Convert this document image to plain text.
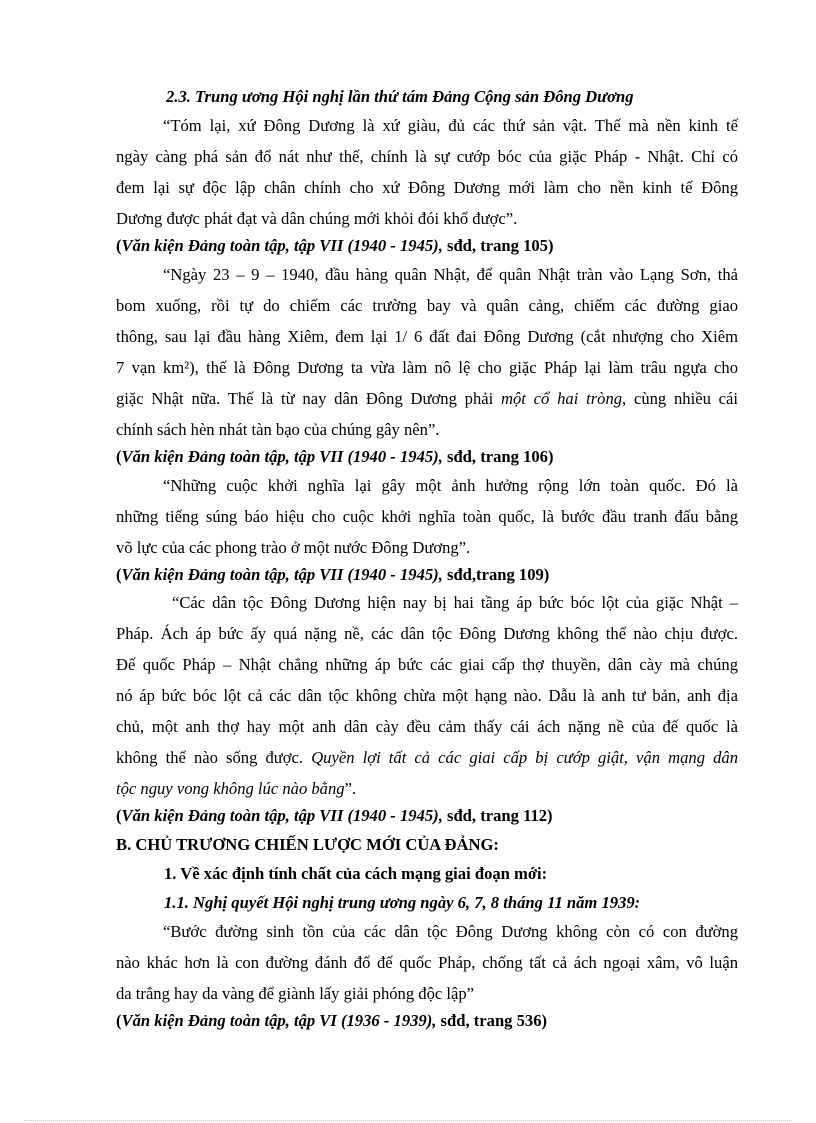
2.3. Trung ương Hội nghị lần thứ tám Đảng Cộng sản Đông Dương
“Tóm lại, xứ Đông Dương là xứ giàu, đủ các thứ sản vật. Thế mà nền kinh tế
ngày càng phá sản đổ nát như thế, chính là sự cướp bóc của giặc Pháp - Nhật. Chỉ có
đem lại sự độc lập chân chính cho xứ Đông Dương mới làm cho nền kinh tế Đông
Dương được phát đạt và dân chúng mới khỏi đói khổ được”.
(Văn kiện Đảng toàn tập, tập VII (1940 - 1945), sđd, trang 105)
“Ngày 23 – 9 – 1940, đầu hàng quân Nhật, để quân Nhật tràn vào Lạng Sơn, thả
bom xuống, rồi tự do chiếm các trường bay và quân cảng, chiếm các đường giao
thông, sau lại đầu hàng Xiêm, đem lại 1/ 6 đất đai Đông Dương (cắt nhượng cho Xiêm
7 vạn km²), thế là Đông Dương ta vừa làm nô lệ cho giặc Pháp lại làm trâu ngựa cho
giặc Nhật nữa. Thế là từ nay dân Đông Dương phải một cổ hai tròng, cùng nhiều cái
chính sách hèn nhát tàn bạo của chúng gây nên”.
(Văn kiện Đảng toàn tập, tập VII (1940 - 1945), sđd, trang 106)
“Những cuộc khởi nghĩa lại gây một ảnh hưởng rộng lớn toàn quốc. Đó là
những tiếng súng báo hiệu cho cuộc khởi nghĩa toàn quốc, là bước đầu tranh đấu bằng
võ lực của các phong trào ở một nước Đông Dương”.
(Văn kiện Đảng toàn tập, tập VII (1940 - 1945), sđd,trang 109)
“Các dân tộc Đông Dương hiện nay bị hai tầng áp bức bóc lột của giặc Nhật –
Pháp. Ách áp bức ấy quá nặng nề, các dân tộc Đông Dương không thể nào chịu được.
Đế quốc Pháp – Nhật chẳng những áp bức các giai cấp thợ thuyền, dân cày mà chúng
nó áp bức bóc lột cả các dân tộc không chừa một hạng nào. Dẫu là anh tư bản, anh địa
chủ, một anh thợ hay một anh dân cày đều cảm thấy cái ách nặng nề của đế quốc là
không thể nào sống được. Quyền lợi tất cả các giai cấp bị cướp giật, vận mạng dân
tộc nguy vong không lúc nào bằng”.
(Văn kiện Đảng toàn tập, tập VII (1940 - 1945), sđd, trang 112)
B. CHỦ TRƯƠNG CHIẾN LƯỢC MỚI CỦA ĐẢNG:
1. Về xác định tính chất của cách mạng giai đoạn mới:
1.1. Nghị quyết Hội nghị trung ương ngày 6, 7, 8 tháng 11 năm 1939:
“Bước đường sinh tồn của các dân tộc Đông Dương không còn có con đường
nào khác hơn là con đường đánh đổ đế quốc Pháp, chống tất cả ách ngoại xâm, vô luận
da trắng hay da vàng để giành lấy giải phóng độc lập”
(Văn kiện Đảng toàn tập, tập VI (1936 - 1939), sđd, trang 536)
